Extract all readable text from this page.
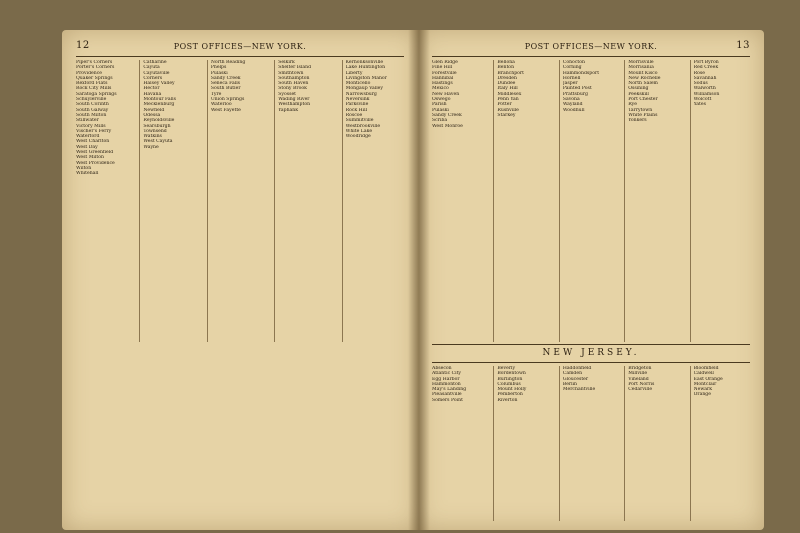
12	POST OFFICES—NEW YORK.
Piper's Corners
Porter's Corners
Providence
Quaker Springs
Rexford Flats
Rock City Mills
Saratoga Springs
Schuylerville
South Corinth
South Galway
South Milton
Stillwater
Victory Mills
Vischer's Ferry
Waterford
West Charlton
West Day
West Greenfield
West Milton
West Providence
Wilton
Whitehall
Catharine
Cayuta
Cayutaville
Corners
Halsey Valley
Hector
Havana
Montour Falls
Mecklenburg
Newfield
Odessa
Reynoldsville
Searsburgh
Townsend
Watkins
West Cayuta
Wayne
North Reading
Phelps
Pulaski
Sandy Creek
Seneca Falls
South Butler
Tyre
Union Springs
Waterloo
West Fayette
Selkirk
Shelter Island
Smithtown
Southampton
South Haven
Stony Brook
Syosset
Wading River
Westhampton
Yaphank
Kerhonksonville
Lake Huntington
Liberty
Livingston Manor
Monticello
Mongaup Valley
Narrowsburg
Neversink
Parksville
Rock Hill
Roscoe
Summitville
Westbrookville
White Lake
Woodridge
POST OFFICES—NEW YORK.	13
Glen Ridge
Fine Hill
Forestville
Hannibal
Hastings
Mexico
New Haven
Oswego
Parish
Pulaski
Sandy Creek
Scriba
West Monroe
Bellona
Benton
Branchport
Dresden
Dundee
Italy Hill
Middlesex
Penn Yan
Potter
Rushville
Starkey
Cohocton
Corning
Hammondsport
Hornell
Jasper
Painted Post
Prattsburg
Savona
Wayland
Woodhull
Morrisville
Morrisania
Mount Kisco
New Rochelle
North Salem
Ossining
Peekskill
Port Chester
Rye
Tarrytown
White Plains
Yonkers
Port Byron
Red Creek
Rose
Savannah
Sodus
Walworth
Williamson
Wolcott
Yates
NEW JERSEY.
Absecon
Atlantic City
Egg Harbor
Hammonton
May's Landing
Pleasantville
Somers Point
Beverly
Bordentown
Burlington
Columbus
Mount Holly
Pemberton
Riverton
Haddonfield
Camden
Gloucester
Berlin
Merchantville
Bridgeton
Millville
Vineland
Port Norris
Cedarville
Bloomfield
Caldwell
East Orange
Montclair
Newark
Orange
